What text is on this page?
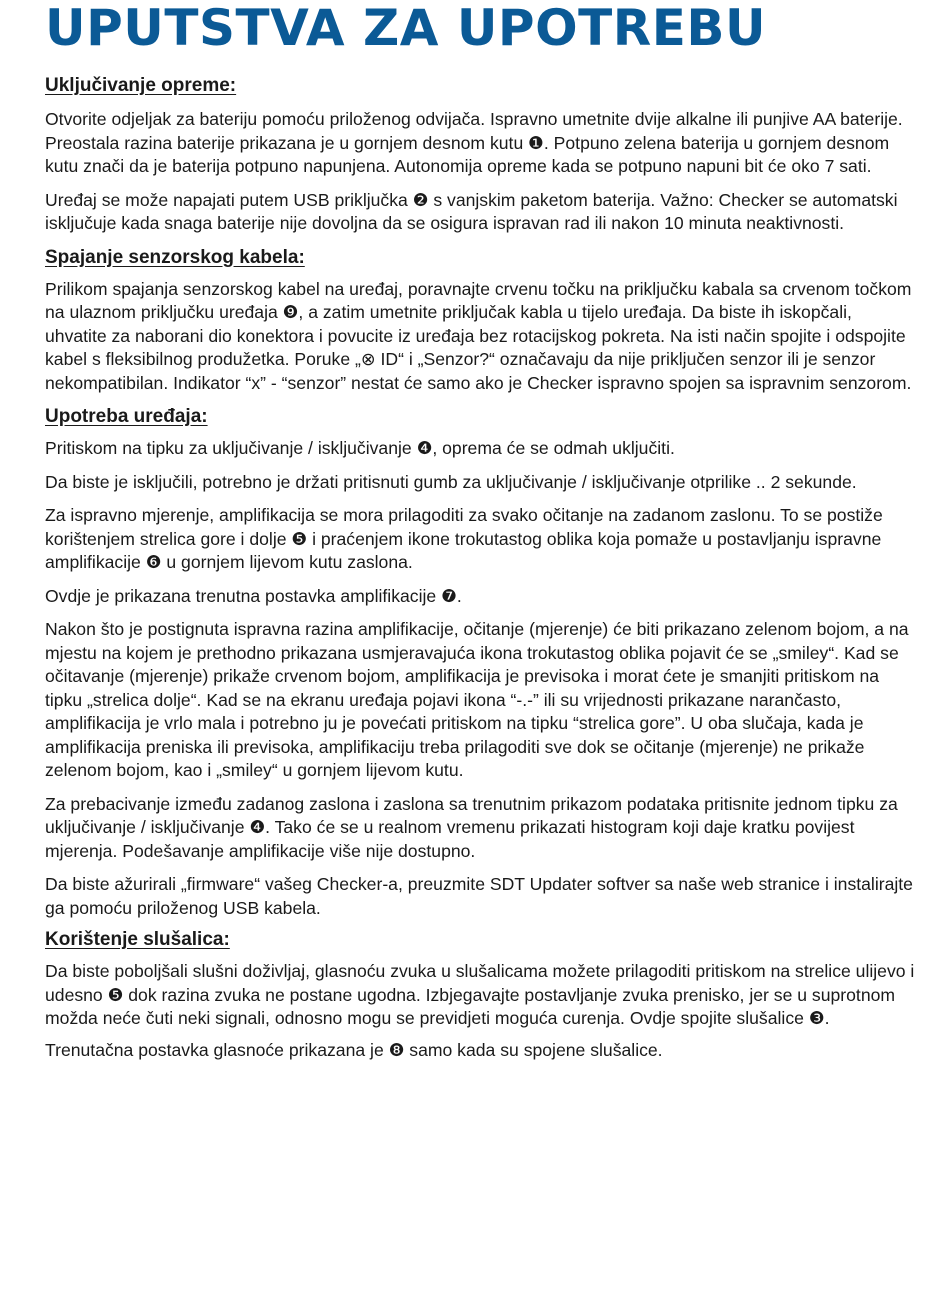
UPUTSTVA ZA UPOTREBU
Uključivanje opreme:

Otvorite odjeljak za bateriju pomoću priloženog odvijača. Ispravno umetnite dvije alkalne ili punjive AA baterije. Preostala razina baterije prikazana je u gornjem desnom kutu ❶. Potpuno zelena baterija u gornjem desnom kutu znači da je baterija potpuno napunjena. Autonomija opreme kada se potpuno napuni bit će oko 7 sati.

Uređaj se može napajati putem USB priključka ❷ s vanjskim paketom baterija. Važno: Checker se automatski isključuje kada snaga baterije nije dovoljna da se osigura ispravan rad ili nakon 10 minuta neaktivnosti.

Spajanje senzorskog kabela:

Prilikom spajanja senzorskog kabel na uređaj, poravnajte crvenu točku na priključku kabala sa crvenom točkom na ulaznom priključku uređaja ❾, a zatim umetnite priključak kabla u tijelo uređaja. Da biste ih iskopčali, uhvatite za naborani dio konektora i povucite iz uređaja bez rotacijskog pokreta. Na isti način spojite i odspojite kabel s fleksibilnog produžetka. Poruke „⊗ ID“ i „Senzor?“ označavaju da nije priključen senzor ili je senzor nekompatibilan. Indikator “x” - “senzor” nestat će samo ako je Checker ispravno spojen sa ispravnim senzorom.

Upotreba uređaja:

Pritiskom na tipku za uključivanje / isključivanje ❹, oprema će se odmah uključiti.

Da biste je isključili, potrebno je držati pritisnuti gumb za uključivanje / isključivanje otprilike .. 2 sekunde.

Za ispravno mjerenje, amplifikacija se mora prilagoditi za svako očitanje na zadanom zaslonu. To se postiže korištenjem strelica gore i dolje ❺ i praćenjem ikone trokutastog oblika koja pomaže u postavljanju ispravne amplifikacije ❻ u gornjem lijevom kutu zaslona.

Ovdje je prikazana trenutna postavka amplifikacije ❼.

Nakon što je postignuta ispravna razina amplifikacije, očitanje (mjerenje) će biti prikazano zelenom bojom, a na mjestu na kojem je prethodno prikazana usmjeravajuća ikona trokutastog oblika pojavit će se „smiley“. Kad se očitavanje (mjerenje) prikaže crvenom bojom, amplifikacija je previsoka i morat ćete je smanjiti pritiskom na tipku „strelica dolje“. Kad se na ekranu uređaja pojavi ikona “-.-” ili su vrijednosti prikazane narančasto, amplifikacija je vrlo mala i potrebno ju je povećati pritiskom na tipku “strelica gore”. U oba slučaja, kada je amplifikacija preniska ili previsoka, amplifikaciju treba prilagoditi sve dok se očitanje (mjerenje) ne prikaže zelenom bojom, kao i „smiley“ u gornjem lijevom kutu.

Za prebacivanje između zadanog zaslona i zaslona sa trenutnim prikazom podataka pritisnite jednom tipku za uključivanje / isključivanje ❹. Tako će se u realnom vremenu prikazati histogram koji daje kratku povijest mjerenja. Podešavanje amplifikacije više nije dostupno.

Da biste ažurirali „firmware“ vašeg Checker-a, preuzmite SDT Updater softver sa naše web stranice i instalirajte ga pomoću priloženog USB kabela.

Korištenje slušalica:

Da biste poboljšali slušni doživljaj, glasnoću zvuka u slušalicama možete prilagoditi pritiskom na strelice ulijevo i udesno ❺ dok razina zvuka ne postane ugodna. Izbjegavajte postavljanje zvuka prenisko, jer se u suprotnom možda neće čuti neki signali, odnosno mogu se previdjeti moguća curenja. Ovdje spojite slušalice ❸.

Trenutačna postavka glasnoće prikazana je ❽ samo kada su spojene slušalice.
